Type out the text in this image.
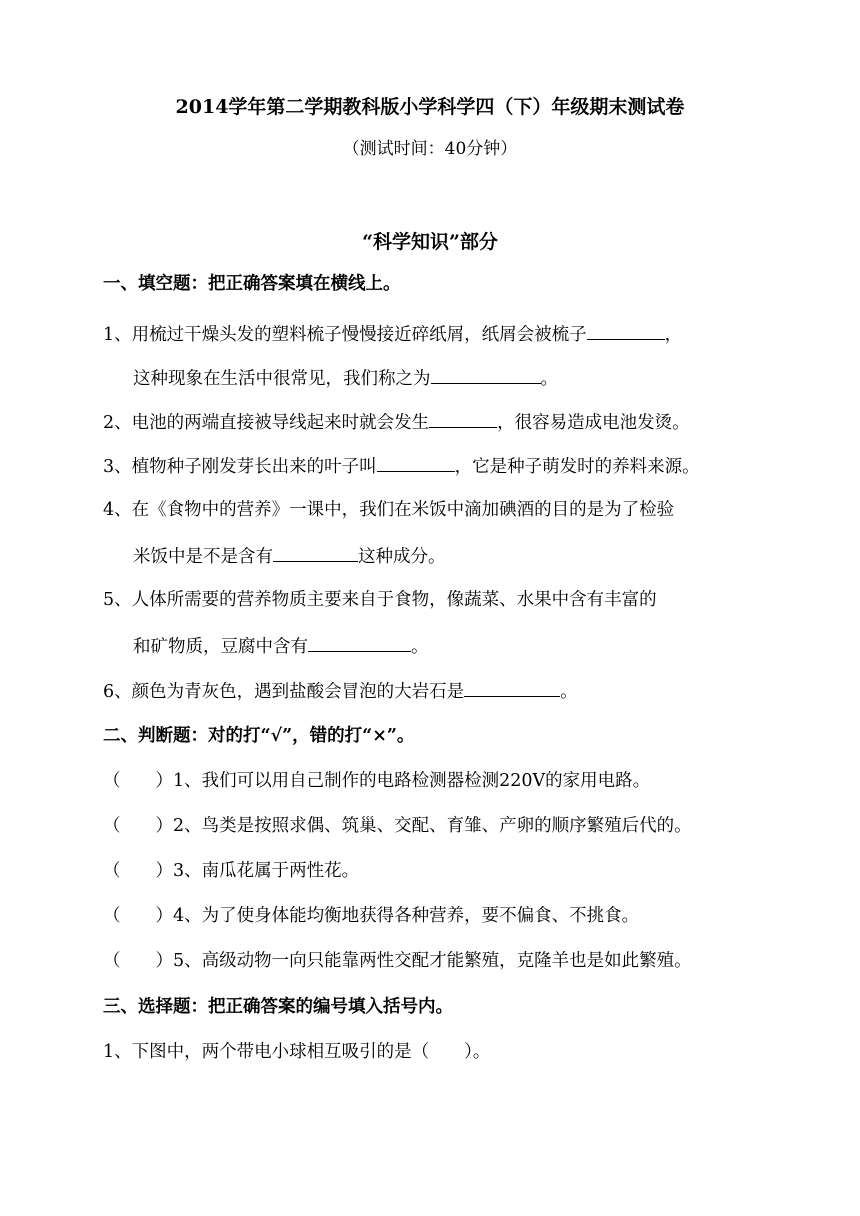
2014学年第二学期教科版小学科学四（下）年级期末测试卷
（测试时间：40分钟）
“科学知识”部分
一、填空题：把正确答案填在横线上。
1、用梳过干燥头发的塑料梳子慢慢接近碎纸屑，纸屑会被梳子	，
这种现象在生活中很常见，我们称之为	。
2、电池的两端直接被导线起来时就会发生	，很容易造成电池发烫。
3、植物种子刚发芽长出来的叶子叫	，它是种子萌发时的养料来源。
4、在《食物中的营养》一课中，我们在米饭中滴加碘酒的目的是为了检验
米饭中是不是含有	这种成分。
5、人体所需要的营养物质主要来自于食物，像蔬菜、水果中含有丰富的
和矿物质，豆腐中含有	。
6、颜色为青灰色，遇到盐酸会冒泡的大岩石是	。
二、判断题：对的打“√”，错的打“×”。
（　　）1、我们可以用自己制作的电路检测器检测220V的家用电路。
（　　）2、鸟类是按照求偶、筑巢、交配、育雏、产卵的顺序繁殖后代的。
（　　）3、南瓜花属于两性花。
（　　）4、为了使身体能均衡地获得各种营养，要不偏食、不挑食。
（　　）5、高级动物一向只能靠两性交配才能繁殖，克隆羊也是如此繁殖。
三、选择题：把正确答案的编号填入括号内。
1、下图中，两个带电小球相互吸引的是（　　）。
